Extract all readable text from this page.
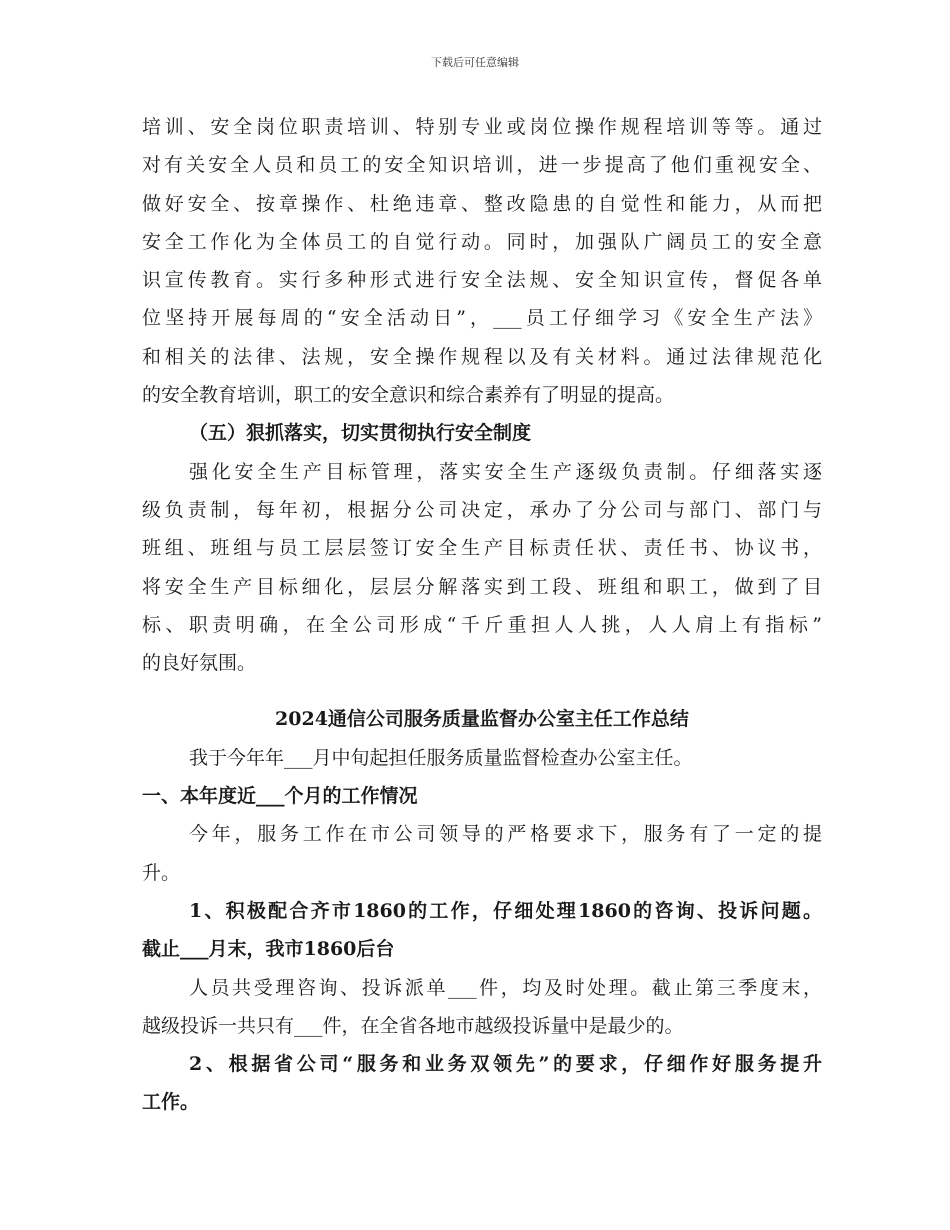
下载后可任意编辑
培训、安全岗位职责培训、特别专业或岗位操作规程培训等等。通过
对有关安全人员和员工的安全知识培训，进一步提高了他们重视安全、
做好安全、按章操作、杜绝违章、整改隐患的自觉性和能力，从而把
安全工作化为全体员工的自觉行动。同时，加强队广阔员工的安全意
识宣传教育。实行多种形式进行安全法规、安全知识宣传，督促各单
位坚持开展每周的“安全活动日”，___员工仔细学习《安全生产法》
和相关的法律、法规，安全操作规程以及有关材料。通过法律规范化
的安全教育培训，职工的安全意识和综合素养有了明显的提高。
（五）狠抓落实，切实贯彻执行安全制度
强化安全生产目标管理，落实安全生产逐级负责制。仔细落实逐
级负责制，每年初，根据分公司决定，承办了分公司与部门、部门与
班组、班组与员工层层签订安全生产目标责任状、责任书、协议书，
将安全生产目标细化，层层分解落实到工段、班组和职工，做到了目
标、职责明确，在全公司形成“千斤重担人人挑，人人肩上有指标”
的良好氛围。
2024通信公司服务质量监督办公室主任工作总结
我于今年年___月中旬起担任服务质量监督检查办公室主任。
一、本年度近___个月的工作情况
今年，服务工作在市公司领导的严格要求下，服务有了一定的提
升。
1、积极配合齐市1860的工作，仔细处理1860的咨询、投诉问题。
截止___月末，我市1860后台
人员共受理咨询、投诉派单___件，均及时处理。截止第三季度末，
越级投诉一共只有___件，在全省各地市越级投诉量中是最少的。
2、根据省公司“服务和业务双领先”的要求，仔细作好服务提升
工作。
